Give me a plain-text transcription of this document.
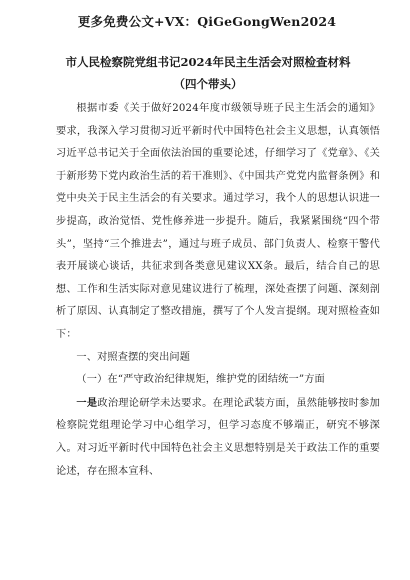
更多免费公文+VX：QiGeGongWen2024
市人民检察院党组书记2024年民主生活会对照检查材料
（四个带头）

根据市委《关于做好2024年度市级领导班子民主生活会的通知》要求，我深入学习贯彻习近平新时代中国特色社会主义思想，认真领悟习近平总书记关于全面依法治国的重要论述，仔细学习了《党章》、《关于新形势下党内政治生活的若干准则》、《中国共产党党内监督条例》和党中央关于民主生活会的有关要求。通过学习，我个人的思想认识进一步提高，政治觉悟、党性修养进一步提升。随后，我紧紧围绕“四个带头”，坚持“三个推进去”，通过与班子成员、部门负责人、检察干警代表开展谈心谈话，共征求到各类意见建议XX条。最后，结合自己的思想、工作和生活实际对意见建议进行了梳理，深处查摆了问题、深刻剖析了原因、认真制定了整改措施，撰写了个人发言提纲。现对照检查如下：

一、对照查摆的突出问题

（一）在“严守政治纪律规矩，维护党的团结统一”方面

一是政治理论研学未达要求。在理论武装方面，虽然能够按时参加检察院党组理论学习中心组学习，但学习态度不够端正，研究不够深入。对习近平新时代中国特色社会主义思想特别是关于政法工作的重要论述，存在照本宣科、
